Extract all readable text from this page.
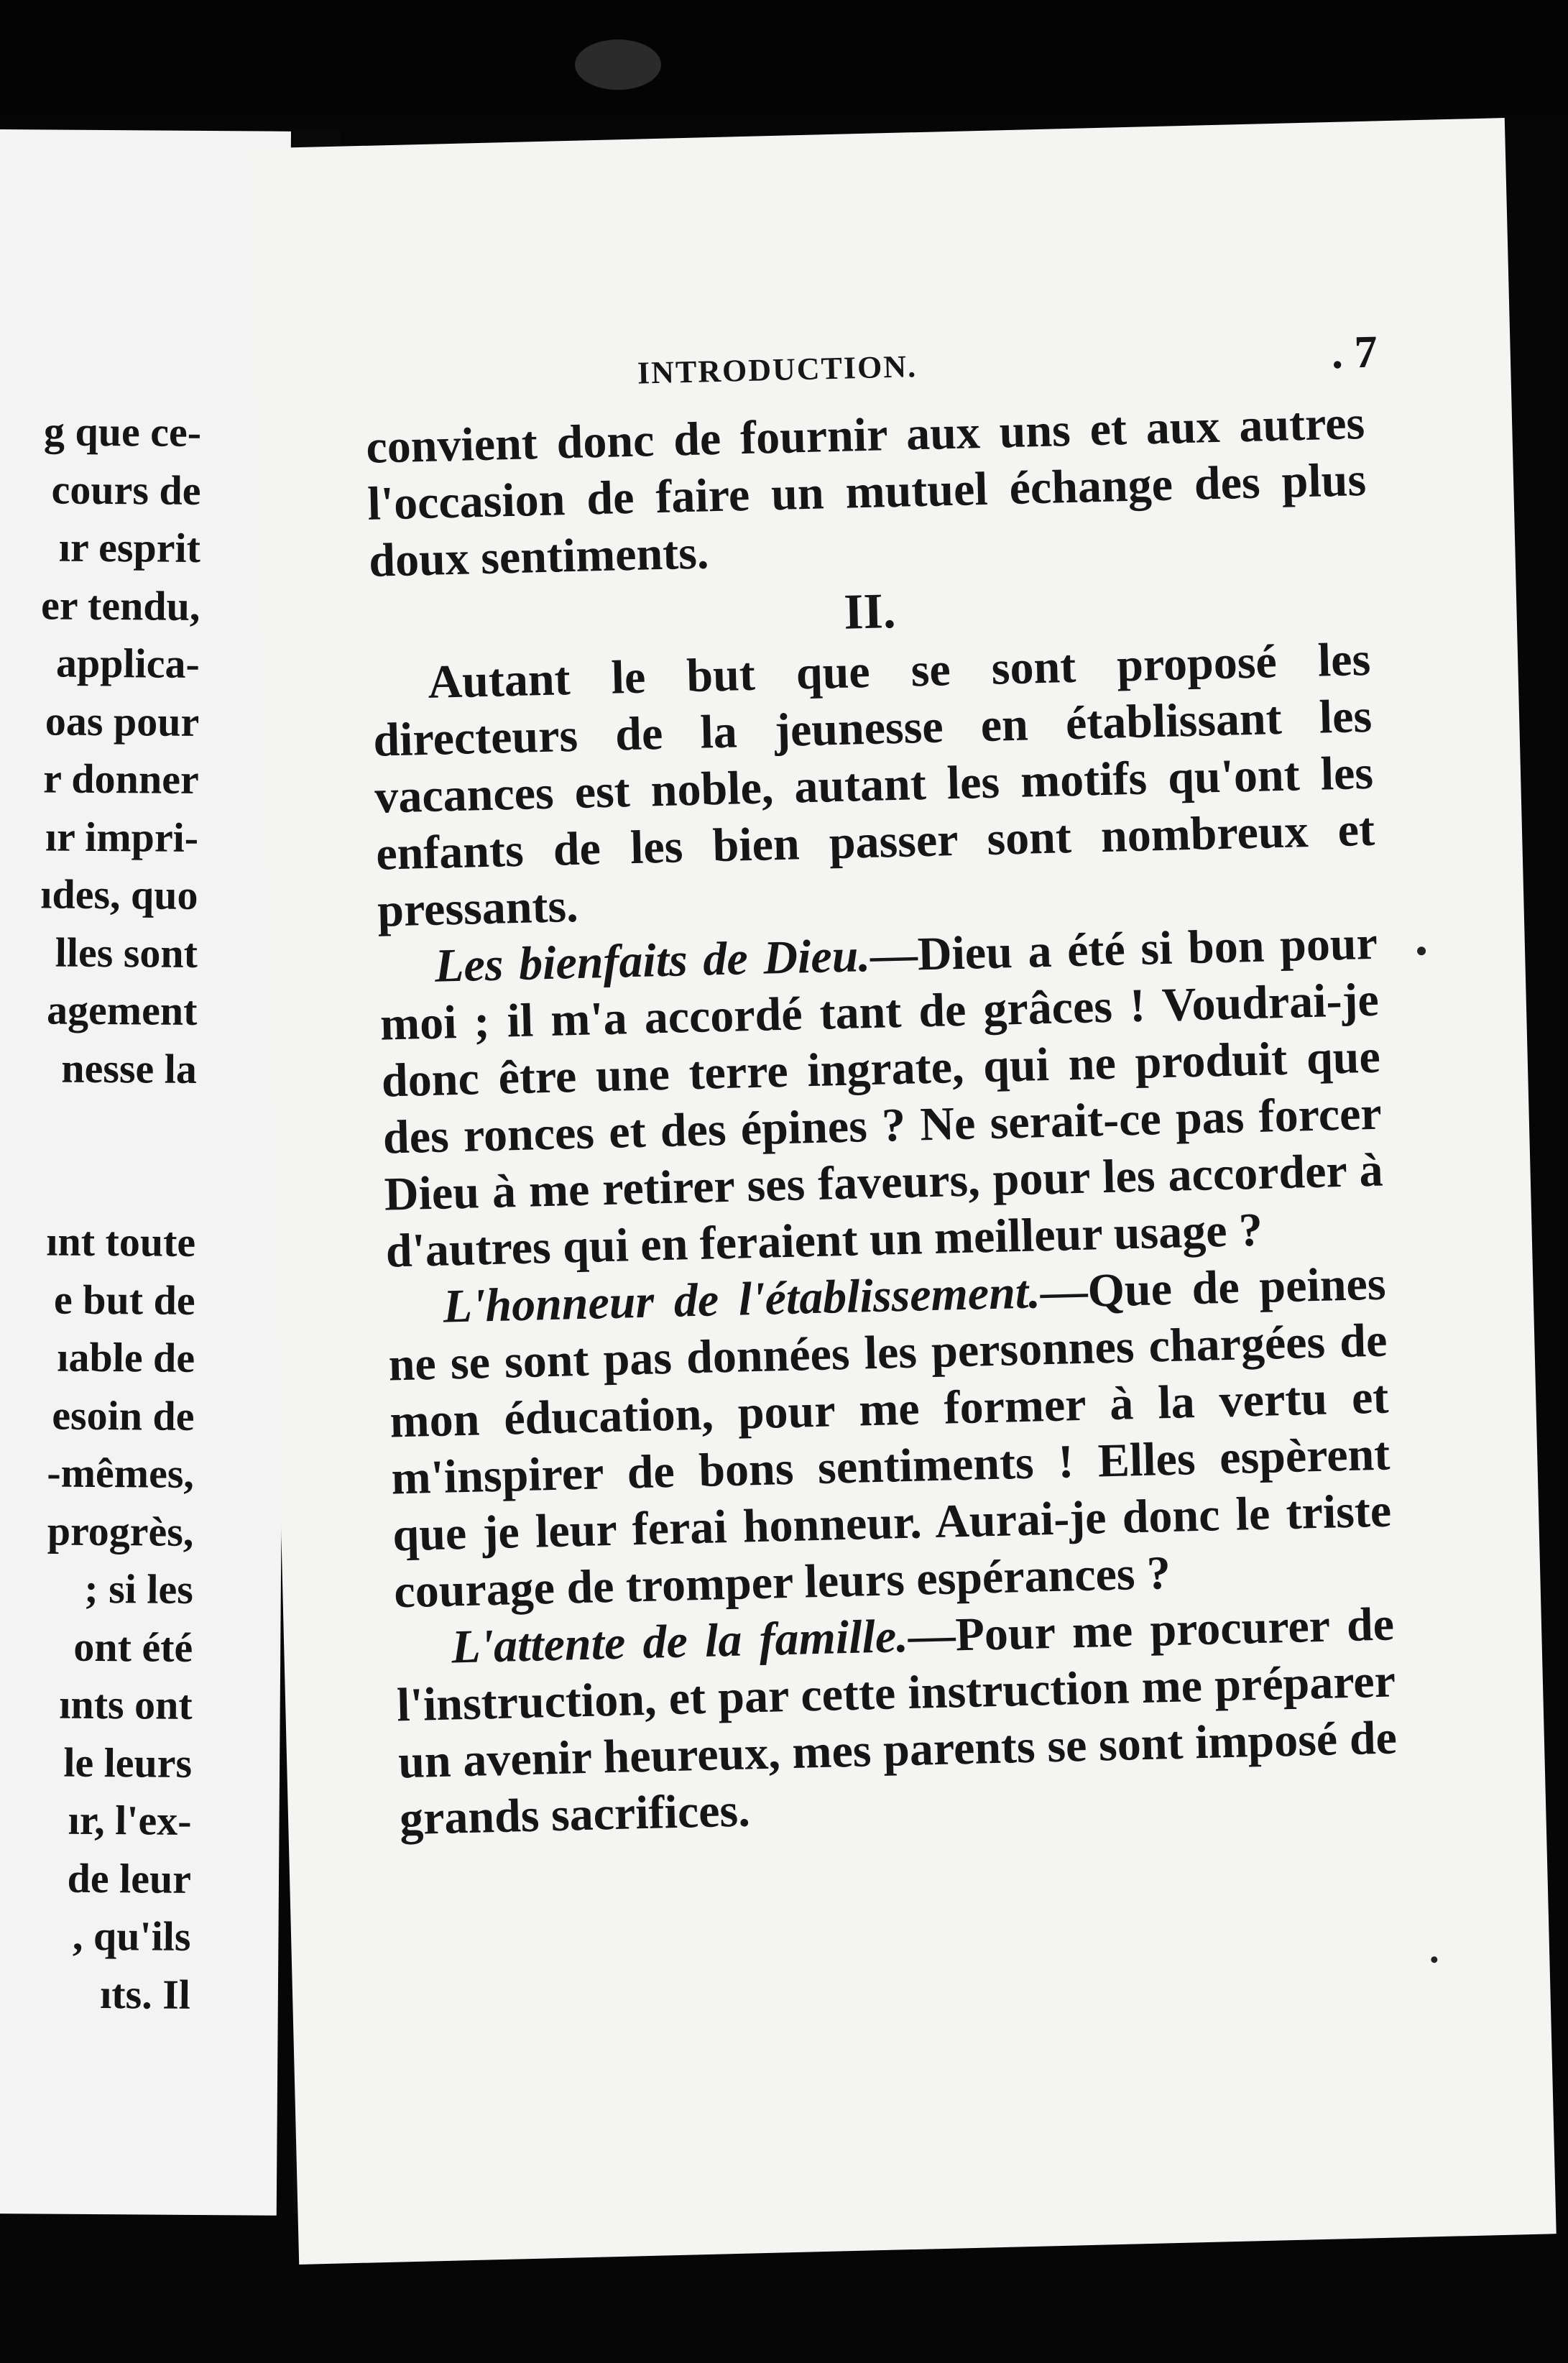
g que ce-
cours de
ır esprit
er tendu,
applica-
oas pour
r donner
ır impri-
ıdes, quo
lles sont
agement
nesse la
ınt toute
e but de
ıable de
esoin de
-mêmes,
progrès,
; si les
ont été
ınts ont
le leurs
ır, l'ex-
de leur
, qu'ils
ıts. Il
INTRODUCTION.	. 7

convient donc de fournir aux uns et aux autres l'occasion de faire un mutuel échange des plus doux sentiments.

II.

Autant le but que se sont proposé les directeurs de la jeunesse en établissant les vacances est noble, autant les motifs qu'ont les enfants de les bien passer sont nombreux et pressants.

Les bienfaits de Dieu.—Dieu a été si bon pour moi ; il m'a accordé tant de grâces ! Voudrai-je donc être une terre ingrate, qui ne produit que des ronces et des épines ? Ne serait-ce pas forcer Dieu à me retirer ses faveurs, pour les accorder à d'autres qui en feraient un meilleur usage ?

L'honneur de l'établissement.—Que de peines ne se sont pas données les personnes chargées de mon éducation, pour me former à la vertu et m'inspirer de bons sentiments ! Elles espèrent que je leur ferai honneur. Aurai-je donc le triste courage de tromper leurs espérances ?

L'attente de la famille.—Pour me procurer de l'instruction, et par cette instruction me préparer un avenir heureux, mes parents se sont imposé de grands sacrifices.
